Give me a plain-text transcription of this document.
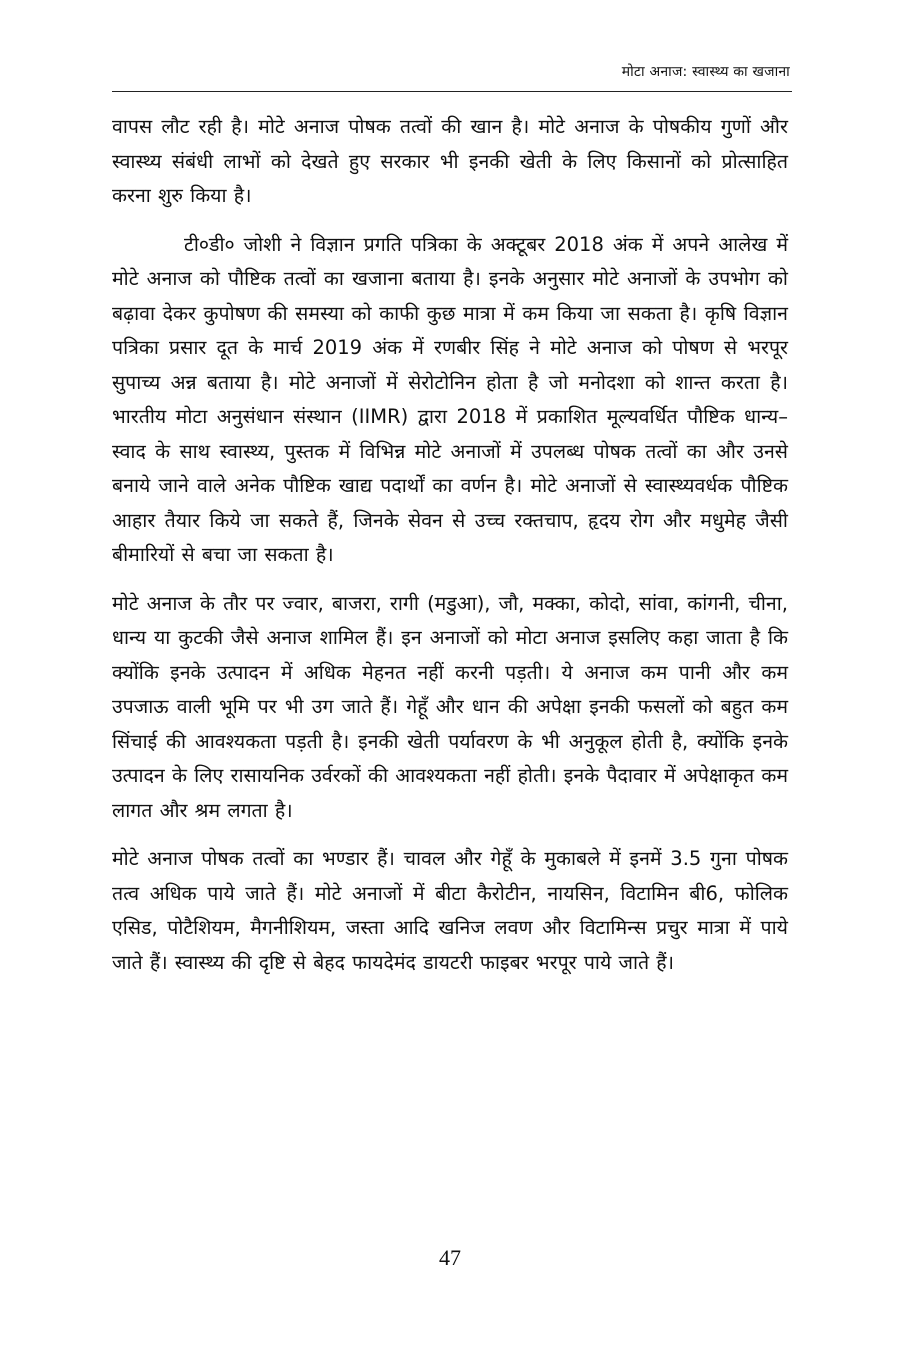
मोटा अनाज: स्वास्थ्य का खजाना

वापस लौट रही है। मोटे अनाज पोषक तत्वों की खान है। मोटे अनाज के पोषकीय गुणों और स्वास्थ्य संबंधी लाभों को देखते हुए सरकार भी इनकी खेती के लिए किसानों को प्रोत्साहित करना शुरु किया है।

टी०डी० जोशी ने विज्ञान प्रगति पत्रिका के अक्टूबर 2018 अंक में अपने आलेख में मोटे अनाज को पौष्टिक तत्वों का खजाना बताया है। इनके अनुसार मोटे अनाजों के उपभोग को बढ़ावा देकर कुपोषण की समस्या को काफी कुछ मात्रा में कम किया जा सकता है। कृषि विज्ञान पत्रिका प्रसार दूत के मार्च 2019 अंक में रणबीर सिंह ने मोटे अनाज को पोषण से भरपूर सुपाच्य अन्न बताया है। मोटे अनाजों में सेरोटोनिन होता है जो मनोदशा को शान्त करता है। भारतीय मोटा अनुसंधान संस्थान (IIMR) द्वारा 2018 में प्रकाशित मूल्यवर्धित पौष्टिक धान्य–स्वाद के साथ स्वास्थ्य, पुस्तक में विभिन्न मोटे अनाजों में उपलब्ध पोषक तत्वों का और उनसे बनाये जाने वाले अनेक पौष्टिक खाद्य पदार्थों का वर्णन है। मोटे अनाजों से स्वास्थ्यवर्धक पौष्टिक आहार तैयार किये जा सकते हैं, जिनके सेवन से उच्च रक्तचाप, हृदय रोग और मधुमेह जैसी बीमारियों से बचा जा सकता है।

मोटे अनाज के तौर पर ज्वार, बाजरा, रागी (मडुआ), जौ, मक्का, कोदो, सांवा, कांगनी, चीना, धान्य या कुटकी जैसे अनाज शामिल हैं। इन अनाजों को मोटा अनाज इसलिए कहा जाता है कि क्योंकि इनके उत्पादन में अधिक मेहनत नहीं करनी पड़ती। ये अनाज कम पानी और कम उपजाऊ वाली भूमि पर भी उग जाते हैं। गेहूँ और धान की अपेक्षा इनकी फसलों को बहुत कम सिंचाई की आवश्यकता पड़ती है। इनकी खेती पर्यावरण के भी अनुकूल होती है, क्योंकि इनके उत्पादन के लिए रासायनिक उर्वरकों की आवश्यकता नहीं होती। इनके पैदावार में अपेक्षाकृत कम लागत और श्रम लगता है।

मोटे अनाज पोषक तत्वों का भण्डार हैं। चावल और गेहूँ के मुकाबले में इनमें 3.5 गुना पोषक तत्व अधिक पाये जाते हैं। मोटे अनाजों में बीटा कैरोटीन, नायसिन, विटामिन बी6, फोलिक एसिड, पोटैशियम, मैगनीशियम, जस्ता आदि खनिज लवण और विटामिन्स प्रचुर मात्रा में पाये जाते हैं। स्वास्थ्य की दृष्टि से बेहद फायदेमंद डायटरी फाइबर भरपूर पाये जाते हैं।

47
